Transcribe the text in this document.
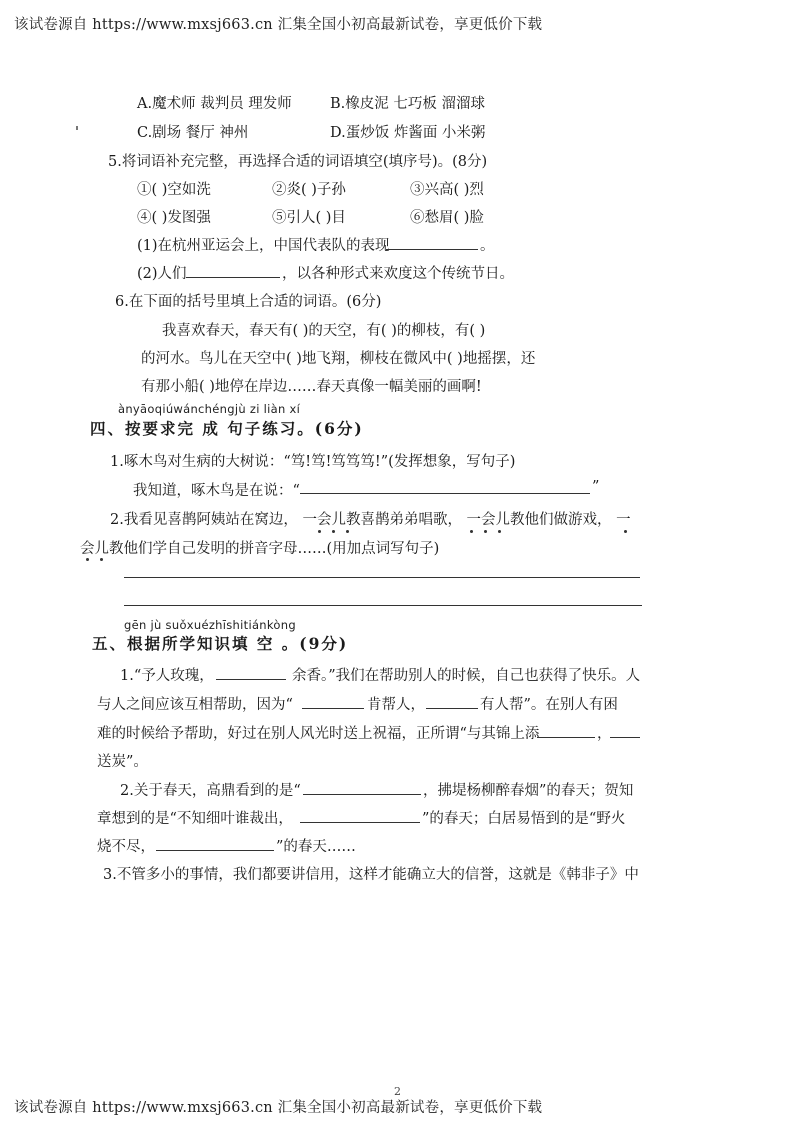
该试卷源自 https://www.mxsj663.cn 汇集全国小初高最新试卷，享更低价下载
A.魔术师 裁判员 理发师	B.橡皮泥 七巧板 溜溜球
C.剧场 餐厅 神州	D.蛋炒饭 炸酱面 小米粥
5.将词语补充完整，再选择合适的词语填空(填序号)。(8分)
①( )空如洗	②炎( )子孙	③兴高( )烈
④( )发图强	⑤引人( )目	⑥愁眉( )脸
(1)在杭州亚运会上，中国代表队的表现	。
(2)人们	，以各种形式来欢度这个传统节日。
6.在下面的括号里填上合适的词语。(6分)
我喜欢春天，春天有( )的天空，有( )的柳枝，有( )
的河水。鸟儿在天空中( )地飞翔，柳枝在微风中( )地摇摆，还
有那小船( )地停在岸边……春天真像一幅美丽的画啊!
ànyāoqiúwánchéngjù zi liàn xí
四、按要求完 成 句子练习。(6分)
1.啄木鸟对生病的大树说：“笃!笃!笃笃笃!”(发挥想象，写句子)
我知道，啄木鸟是在说：“	”
2.我看见喜鹊阿姨站在窝边， 一会儿教喜鹊弟弟唱歌， 一会儿教他们做游戏， 一
会儿教他们学自己发明的拼音字母……(用加点词写句子)
gēn jù suǒxuézhīshitiánkòng
五、根据所学知识填 空 。(9分)
1.“予人玫瑰，	余香。”我们在帮助别人的时候，自己也获得了快乐。人
与人之间应该互相帮助，因为“	肯帮人，	有人帮”。在别人有困
难的时候给予帮助，好过在别人风光时送上祝福，正所谓“与其锦上添	，
送炭”。
2.关于春天，高鼎看到的是“	，拂堤杨柳醉春烟”的春天；贺知
章想到的是“不知细叶谁裁出，	”的春天；白居易悟到的是“野火
烧不尽，	”的春天……
3.不管多小的事情，我们都要讲信用，这样才能确立大的信誉，这就是《韩非子》中
2
该试卷源自 https://www.mxsj663.cn 汇集全国小初高最新试卷，享更低价下载
